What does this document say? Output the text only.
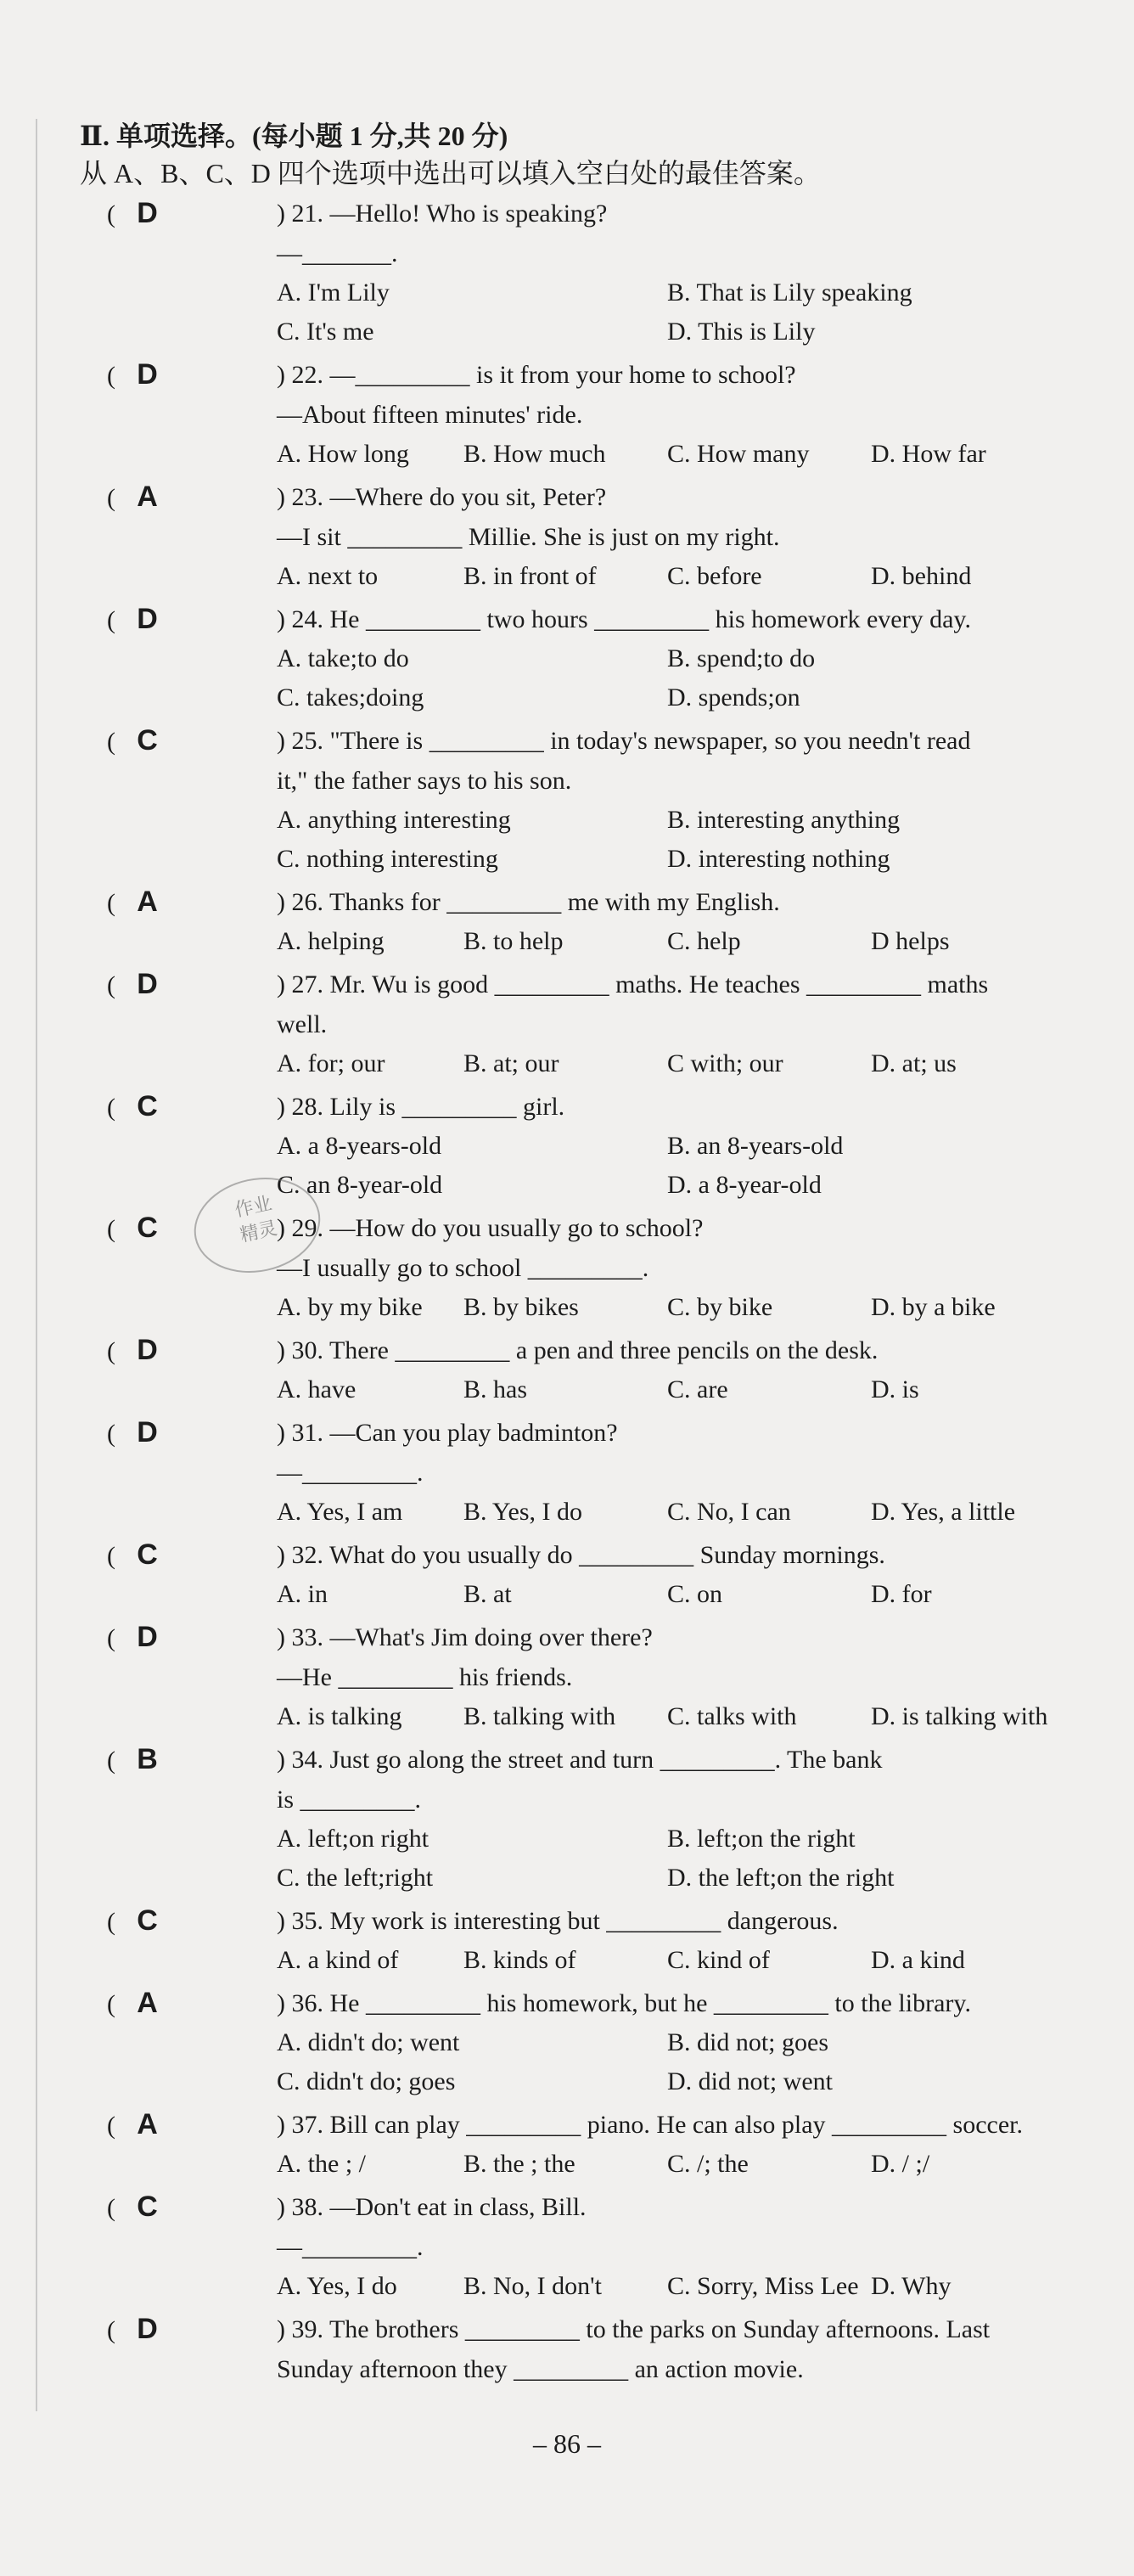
Ⅱ. 单项选择。(每小题 1 分,共 20 分)
从 A、B、C、D 四个选项中选出可以填入空白处的最佳答案。
( D	) 21. —Hello! Who is speaking?
—_______.
A. I'm Lily	B. That is Lily speaking
C. It's me	D. This is Lily
( D	) 22. —_________ is it from your home to school?
—About fifteen minutes' ride.
A. How long	B. How much	C. How many	D. How far
( A	) 23. —Where do you sit, Peter?
—I sit _________ Millie. She is just on my right.
A. next to	B. in front of	C. before	D. behind
( D	) 24. He _________ two hours _________ his homework every day.
A. take;to do	B. spend;to do
C. takes;doing	D. spends;on
( C	) 25. "There is _________ in today's newspaper, so you needn't read
it," the father says to his son.
A. anything interesting	B. interesting anything
C. nothing interesting	D. interesting nothing
( A	) 26. Thanks for _________ me with my English.
A. helping	B. to help	C. help	D helps
( D	) 27. Mr. Wu is good _________ maths. He teaches _________ maths
well.
A. for; our	B. at; our	C with; our	D. at; us
( C	) 28. Lily is _________ girl.
A. a 8-years-old	B. an 8-years-old
C. an 8-year-old	D. a 8-year-old
( C	) 29. —How do you usually go to school?
—I usually go to school _________.
A. by my bike	B. by bikes	C. by bike	D. by a bike
( D	) 30. There _________ a pen and three pencils on the desk.
A. have	B. has	C. are	D. is
( D	) 31. —Can you play badminton?
—_________.
A. Yes, I am	B. Yes, I do	C. No, I can	D. Yes, a little
( C	) 32. What do you usually do _________ Sunday mornings.
A. in	B. at	C. on	D. for
( D	) 33. —What's Jim doing over there?
—He _________ his friends.
A. is talking	B. talking with	C. talks with	D. is talking with
( B	) 34. Just go along the street and turn _________. The bank
is _________.
A. left;on right	B. left;on the right
C. the left;right	D. the left;on the right
( C	) 35. My work is interesting but _________ dangerous.
A. a kind of	B. kinds of	C. kind of	D. a kind
( A	) 36. He _________ his homework, but he _________ to the library.
A. didn't do; went	B. did not; goes
C. didn't do; goes	D. did not; went
( A	) 37. Bill can play _________ piano. He can also play _________ soccer.
A. the ; /	B. the ; the	C. /; the	D. / ;/
( C	) 38. —Don't eat in class, Bill.
—_________.
A. Yes, I do	B. No, I don't	C. Sorry, Miss Lee D. Why
( D	) 39. The brothers _________ to the parks on Sunday afternoons. Last
Sunday afternoon they _________ an action movie.
作业
精灵
– 86 –
